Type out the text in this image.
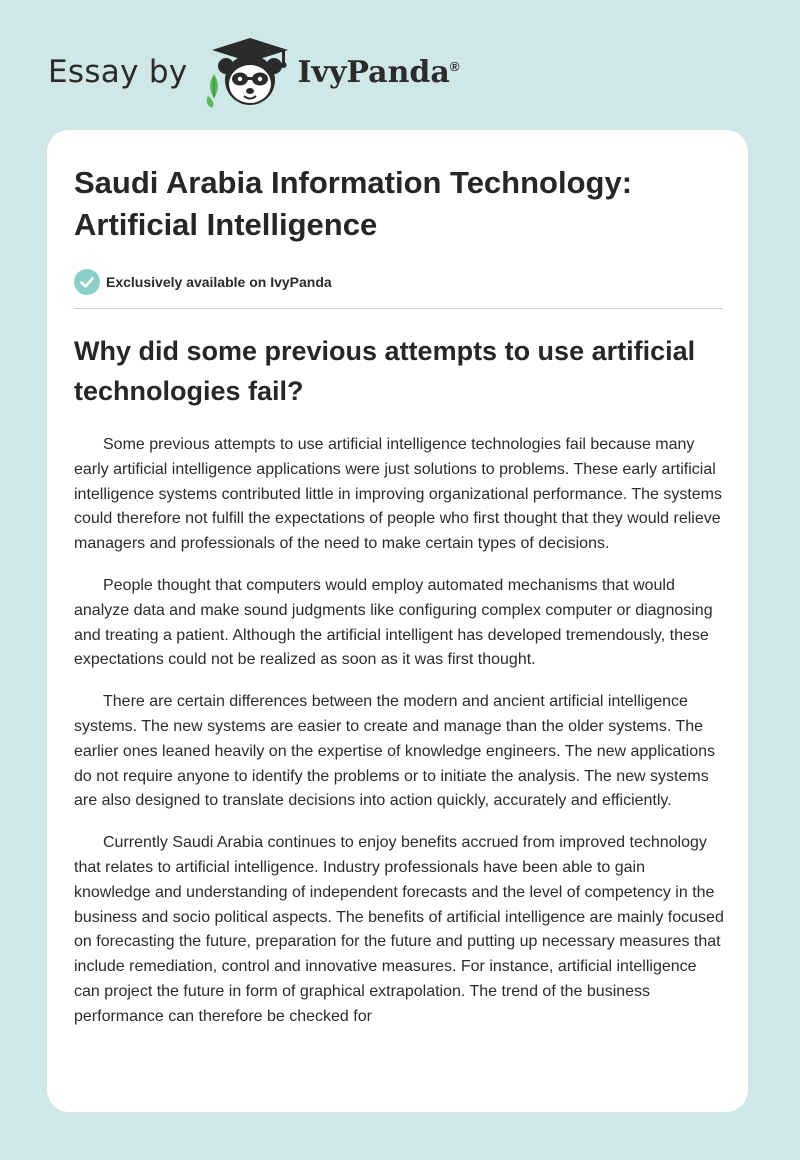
Essay by	IvyPanda®
Saudi Arabia Information Technology: Artificial Intelligence
Exclusively available on IvyPanda
Why did some previous attempts to use artificial technologies fail?

Some previous attempts to use artificial intelligence technologies fail because many early artificial intelligence applications were just solutions to problems. These early artificial intelligence systems contributed little in improving organizational performance. The systems could therefore not fulfill the expectations of people who first thought that they would relieve managers and professionals of the need to make certain types of decisions.

People thought that computers would employ automated mechanisms that would analyze data and make sound judgments like configuring complex computer or diagnosing and treating a patient. Although the artificial intelligent has developed tremendously, these expectations could not be realized as soon as it was first thought.

There are certain differences between the modern and ancient artificial intelligence systems. The new systems are easier to create and manage than the older systems. The earlier ones leaned heavily on the expertise of knowledge engineers. The new applications do not require anyone to identify the problems or to initiate the analysis. The new systems are also designed to translate decisions into action quickly, accurately and efficiently.

Currently Saudi Arabia continues to enjoy benefits accrued from improved technology that relates to artificial intelligence. Industry professionals have been able to gain knowledge and understanding of independent forecasts and the level of competency in the business and socio political aspects. The benefits of artificial intelligence are mainly focused on forecasting the future, preparation for the future and putting up necessary measures that include remediation, control and innovative measures. For instance, artificial intelligence can project the future in form of graphical extrapolation. The trend of the business performance can therefore be checked for
